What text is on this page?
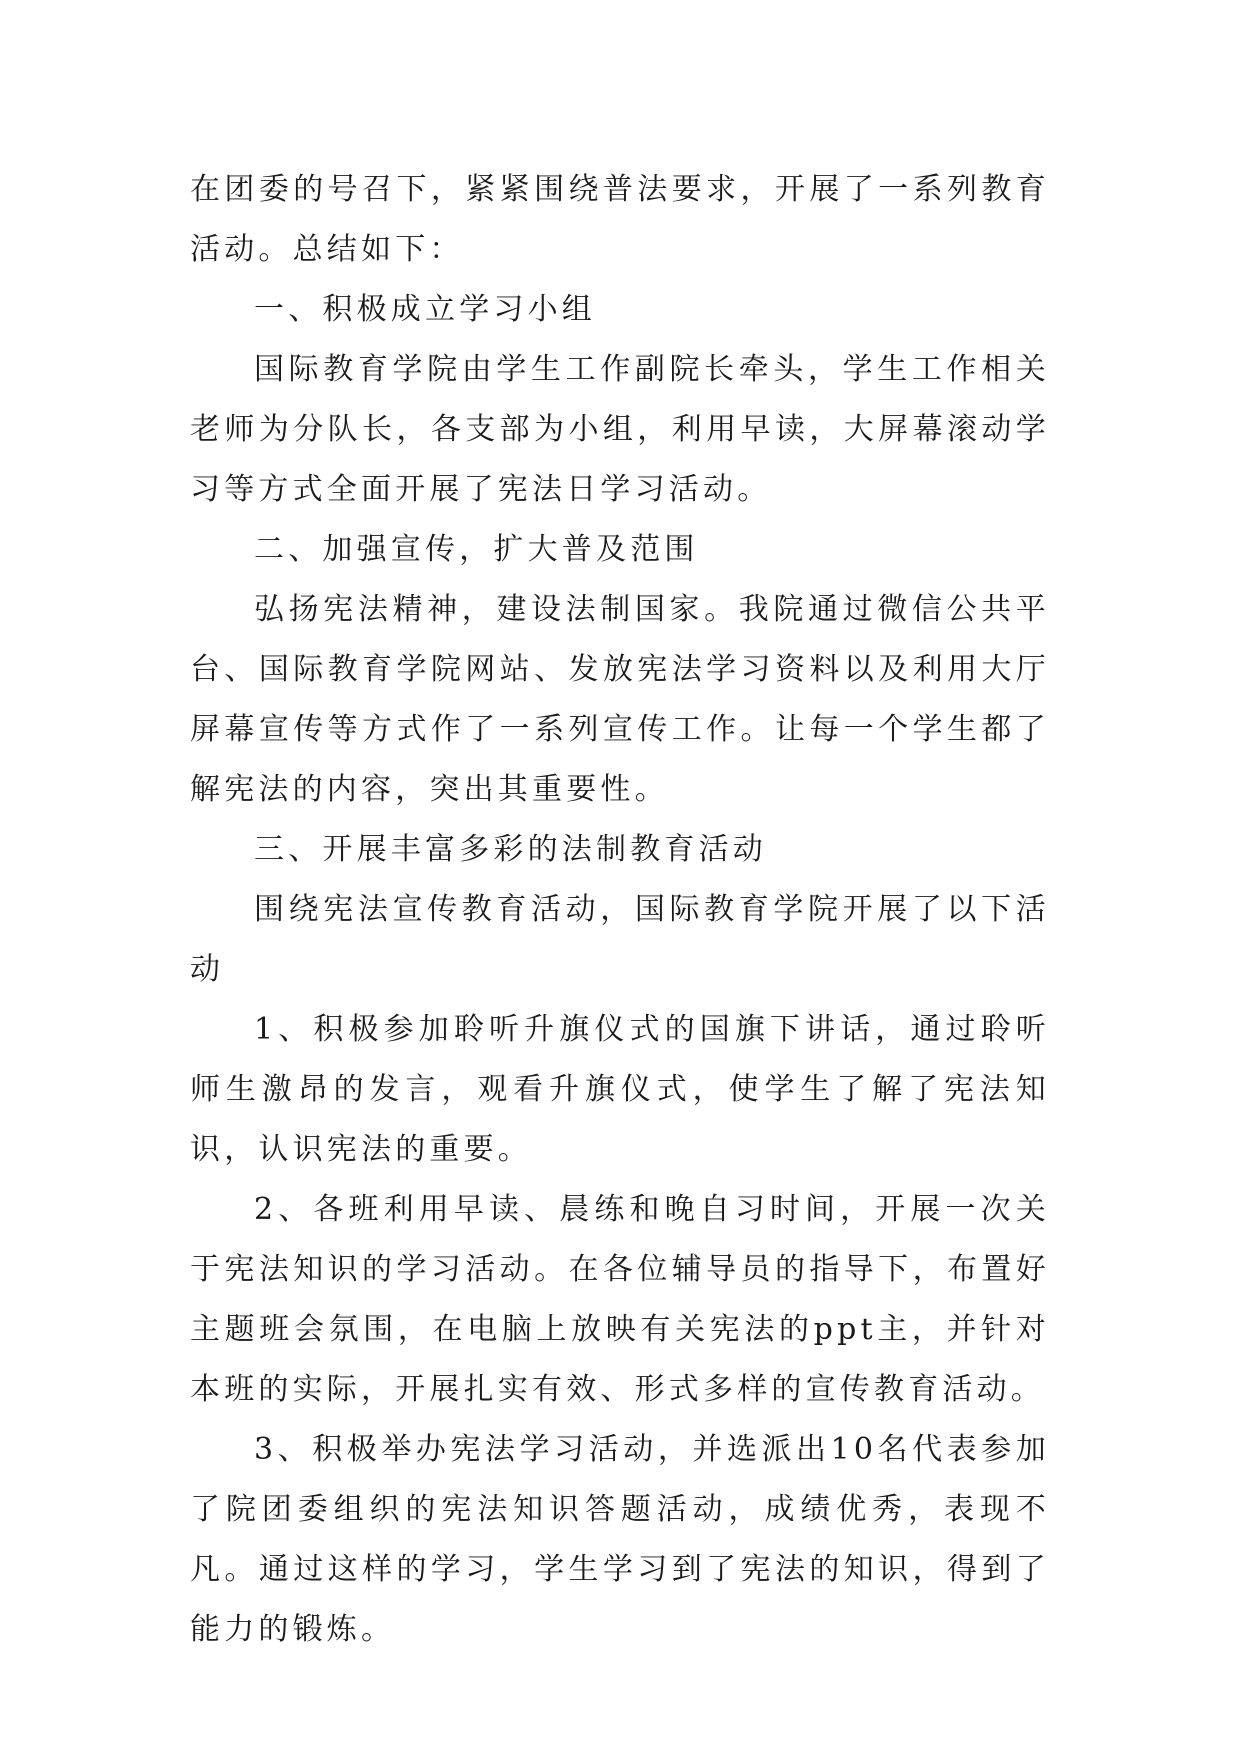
在团委的号召下，紧紧围绕普法要求，开展了一系列教育活动。总结如下：

一、积极成立学习小组

国际教育学院由学生工作副院长牵头，学生工作相关老师为分队长，各支部为小组，利用早读，大屏幕滚动学习等方式全面开展了宪法日学习活动。

二、加强宣传，扩大普及范围

弘扬宪法精神，建设法制国家。我院通过微信公共平台、国际教育学院网站、发放宪法学习资料以及利用大厅屏幕宣传等方式作了一系列宣传工作。让每一个学生都了解宪法的内容，突出其重要性。

三、开展丰富多彩的法制教育活动

围绕宪法宣传教育活动，国际教育学院开展了以下活动

1、积极参加聆听升旗仪式的国旗下讲话，通过聆听师生激昂的发言，观看升旗仪式，使学生了解了宪法知识，认识宪法的重要。

2、各班利用早读、晨练和晚自习时间，开展一次关于宪法知识的学习活动。在各位辅导员的指导下，布置好主题班会氛围，在电脑上放映有关宪法的ppt主，并针对本班的实际，开展扎实有效、形式多样的宣传教育活动。

3、积极举办宪法学习活动，并选派出10名代表参加了院团委组织的宪法知识答题活动，成绩优秀，表现不凡。通过这样的学习，学生学习到了宪法的知识，得到了能力的锻炼。
